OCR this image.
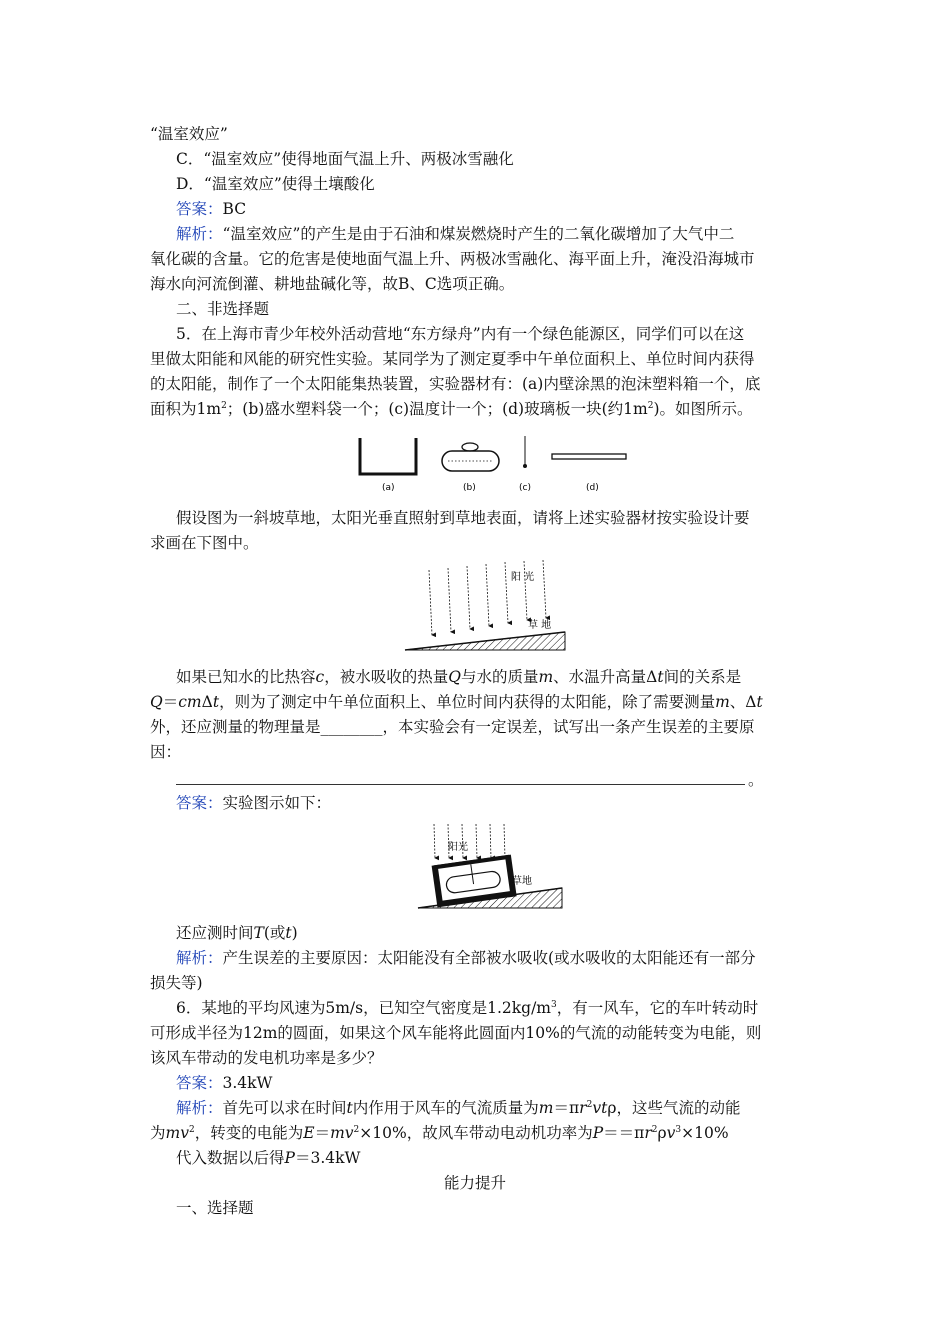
“温室效应”
C．“温室效应”使得地面气温上升、两极冰雪融化
D．“温室效应”使得土壤酸化
答案：BC
解析：“温室效应”的产生是由于石油和煤炭燃烧时产生的二氧化碳增加了大气中二
氧化碳的含量。它的危害是使地面气温上升、两极冰雪融化、海平面上升，淹没沿海城市
海水向河流倒灌、耕地盐碱化等，故B、C选项正确。
二、非选择题
5．在上海市青少年校外活动营地“东方绿舟”内有一个绿色能源区，同学们可以在这
里做太阳能和风能的研究性实验。某同学为了测定夏季中午单位面积上、单位时间内获得
的太阳能，制作了一个太阳能集热装置，实验器材有：(a)内壁涂黑的泡沫塑料箱一个，底
面积为$1m^2$；(b)盛水塑料袋一个；(c)温度计一个；(d)玻璃板一块(约$1m^2$)。如图所示。
(a)	(b)	(c)	(d)
假设图为一斜坡草地，太阳光垂直照射到草地表面，请将上述实验器材按实验设计要
求画在下图中。
阳 光
草 地
如果已知水的比热容c，被水吸收的热量Q与水的质量m、水温升高量Δt间的关系是
Q＝cmΔt，则为了测定中午单位面积上、单位时间内获得的太阳能，除了需要测量m、Δt
外，还应测量的物理量是________，本实验会有一定误差，试写出一条产生误差的主要原
因：
。
答案：实验图示如下：
阳光
草地
还应测时间T(或t)
解析：产生误差的主要原因：太阳能没有全部被水吸收(或水吸收的太阳能还有一部分
损失等)
6．某地的平均风速为5m/s，已知空气密度是$1.2kg/m^3$，有一风车，它的车叶转动时
可形成半径为12m的圆面，如果这个风车能将此圆面内10%的气流的动能转变为电能，则
该风车带动的发电机功率是多少？
答案：3.4kW
解析：首先可以求在时间t内作用于风车的气流质量为$m=\pi r^2vt\rho$，这些气流的动能
为$mv^2$，转变的电能为$E=mv^2\times 10\%$，故风车带动电动机功率为$P==\pi r^2\rho v^3\times 10\%$
代入数据以后得P＝3.4kW
能力提升
一、选择题
